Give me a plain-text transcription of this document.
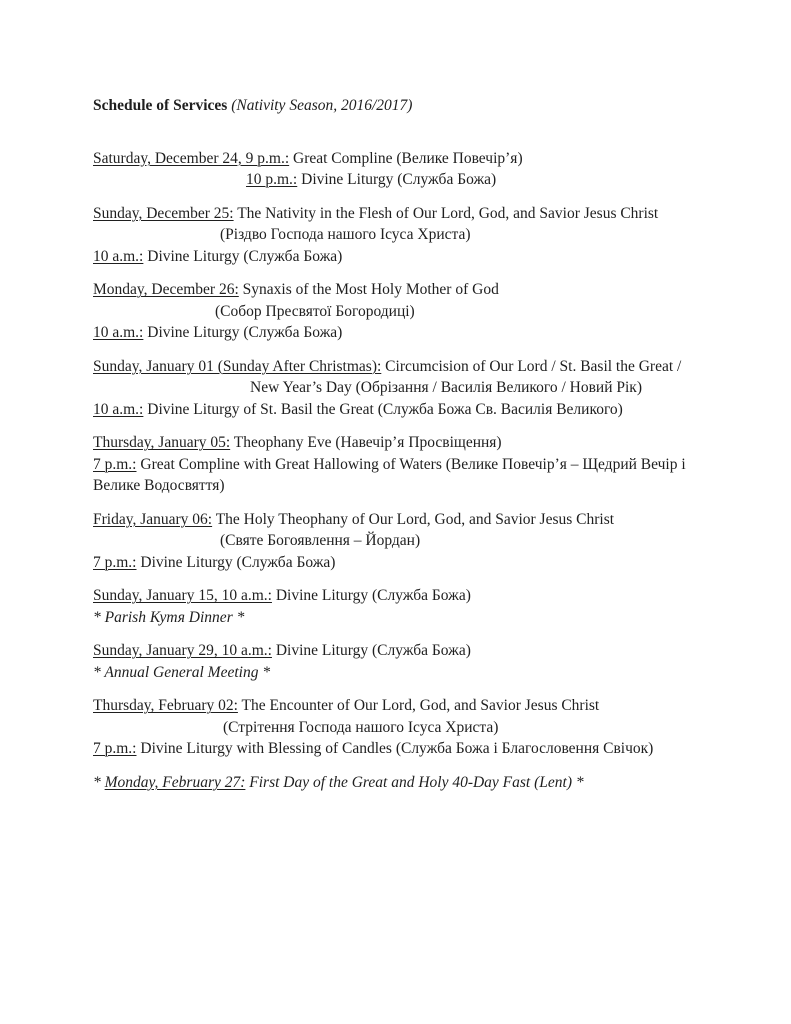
Schedule of Services (Nativity Season, 2016/2017)
Saturday, December 24, 9 p.m.: Great Compline (Велике Повечір’я)
10 p.m.: Divine Liturgy (Служба Божа)
Sunday, December 25: The Nativity in the Flesh of Our Lord, God, and Savior Jesus Christ
(Різдво Господа нашого Ісуса Христа)
10 a.m.: Divine Liturgy (Служба Божа)
Monday, December 26: Synaxis of the Most Holy Mother of God
(Собор Пресвятої Богородиці)
10 a.m.: Divine Liturgy (Служба Божа)
Sunday, January 01 (Sunday After Christmas): Circumcision of Our Lord / St. Basil the Great /
New Year’s Day (Обрізання / Василія Великого / Новий Рік)
10 a.m.: Divine Liturgy of St. Basil the Great (Служба Божа Св. Василія Великого)
Thursday, January 05: Theophany Eve (Навечір’я Просвіщення)
7 p.m.: Great Compline with Great Hallowing of Waters (Велике Повечір’я – Щедрий Вечір і
Велике Водосвяття)
Friday, January 06: The Holy Theophany of Our Lord, God, and Savior Jesus Christ
(Святе Богоявлення – Йордан)
7 p.m.: Divine Liturgy (Служба Божа)
Sunday, January 15, 10 a.m.: Divine Liturgy (Служба Божа)
* Parish Кутя Dinner *
Sunday, January 29, 10 a.m.: Divine Liturgy (Служба Божа)
* Annual General Meeting *
Thursday, February 02: The Encounter of Our Lord, God, and Savior Jesus Christ
(Стрітення Господа нашого Ісуса Христа)
7 p.m.: Divine Liturgy with Blessing of Candles (Служба Божа і Благословення Свічок)
* Monday, February 27: First Day of the Great and Holy 40-Day Fast (Lent) *
